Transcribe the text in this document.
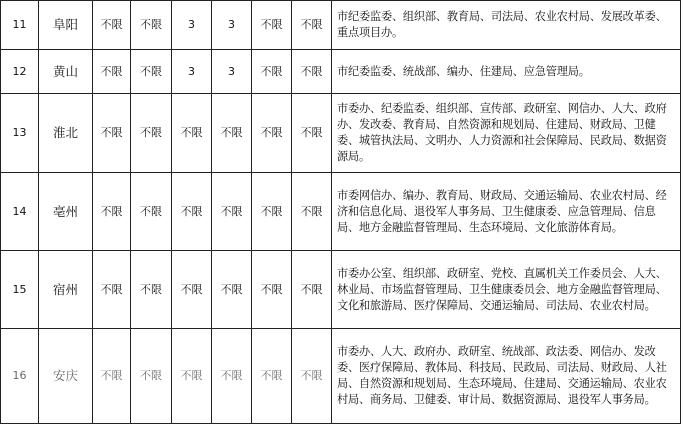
11	阜阳	不限	不限	3	3	不限	不限	市纪委监委、组织部、教育局、司法局、农业农村局、发展改革委、重点项目办。
12	黄山	不限	不限	3	3	不限	不限	市纪委监委、统战部、编办、住建局、应急管理局。
13	淮北	不限	不限	不限	不限	不限	不限	市委办、纪委监委、组织部、宣传部、政研室、网信办、人大、政府办、发改委、教育局、自然资源和规划局、住建局、财政局、卫健委、城管执法局、文明办、人力资源和社会保障局、民政局、数据资源局。
14	亳州	不限	不限	不限	不限	不限	不限	市委网信办、编办、教育局、财政局、交通运输局、农业农村局、经济和信息化局、退役军人事务局、卫生健康委、应急管理局、信息局、地方金融监督管理局、生态环境局、文化旅游体育局。
15	宿州	不限	不限	不限	不限	不限	不限	市委办公室、组织部、政研室、党校、直属机关工作委员会、人大、林业局、市场监督管理局、卫生健康委员会、地方金融监督管理局、文化和旅游局、医疗保障局、交通运输局、司法局、农业农村局。
16	安庆	不限	不限	不限	不限	不限	不限	市委办、人大、政府办、政研室、统战部、政法委、网信办、发改委、医疗保障局、教体局、科技局、民政局、司法局、财政局、人社局、自然资源和规划局、生态环境局、住建局、交通运输局、农业农村局、商务局、卫健委、审计局、数据资源局、退役军人事务局。
